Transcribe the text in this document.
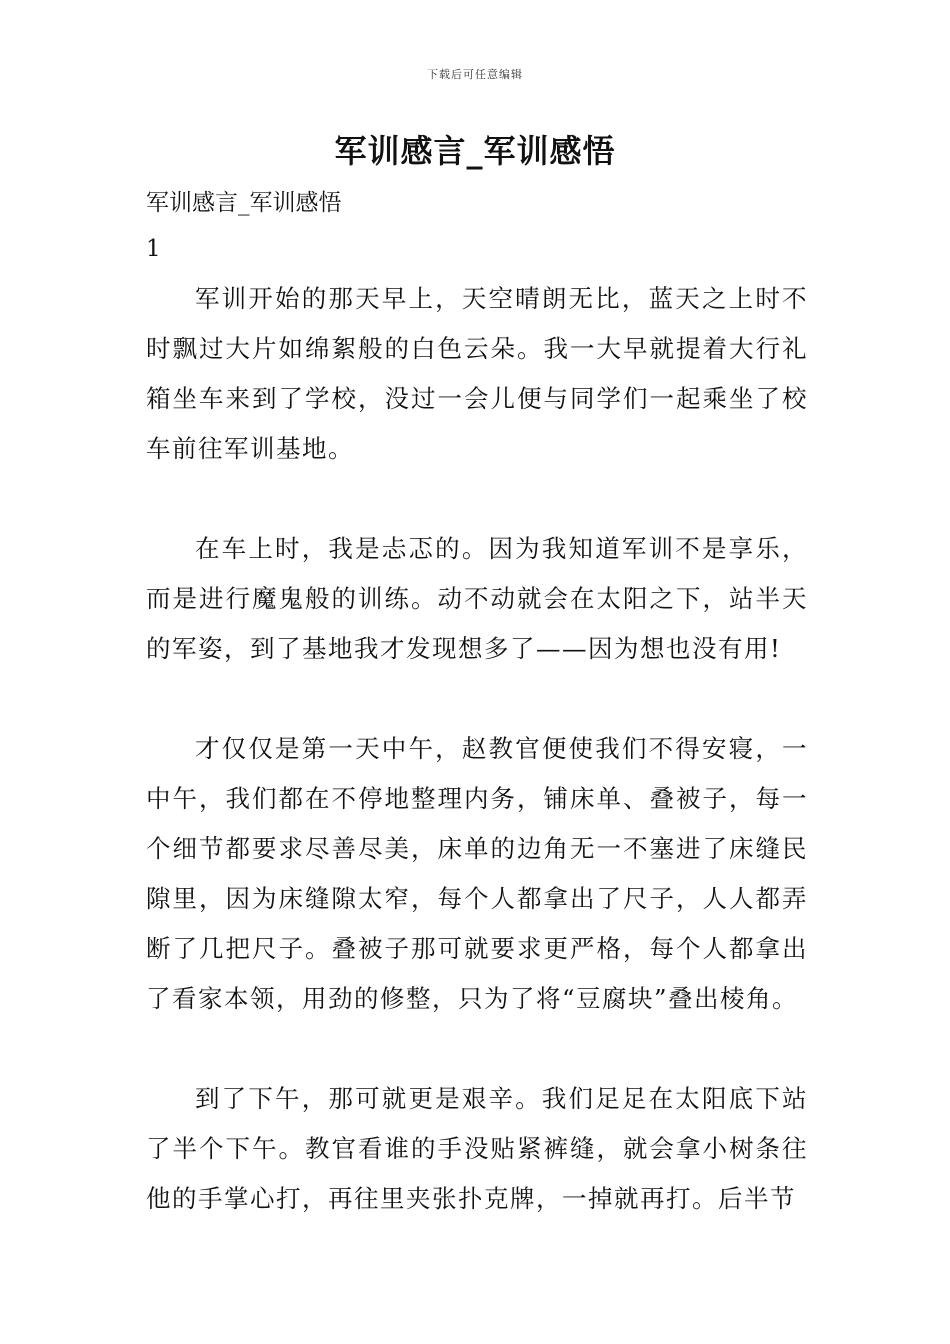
下载后可任意编辑
军训感言_军训感悟
军训感言_军训感悟
1

军训开始的那天早上，天空晴朗无比，蓝天之上时不时飘过大片如绵絮般的白色云朵。我一大早就提着大行礼箱坐车来到了学校，没过一会儿便与同学们一起乘坐了校车前往军训基地。

在车上时，我是忐忑的。因为我知道军训不是享乐，而是进行魔鬼般的训练。动不动就会在太阳之下，站半天的军姿，到了基地我才发现想多了——因为想也没有用!

才仅仅是第一天中午，赵教官便使我们不得安寝，一中午，我们都在不停地整理内务，铺床单、叠被子，每一个细节都要求尽善尽美，床单的边角无一不塞进了床缝民隙里，因为床缝隙太窄，每个人都拿出了尺子，人人都弄断了几把尺子。叠被子那可就要求更严格，每个人都拿出了看家本领，用劲的修整，只为了将“豆腐块”叠出棱角。

到了下午，那可就更是艰辛。我们足足在太阳底下站了半个下午。教官看谁的手没贴紧裤缝，就会拿小树条往他的手掌心打，再往里夹张扑克牌，一掉就再打。后半节
